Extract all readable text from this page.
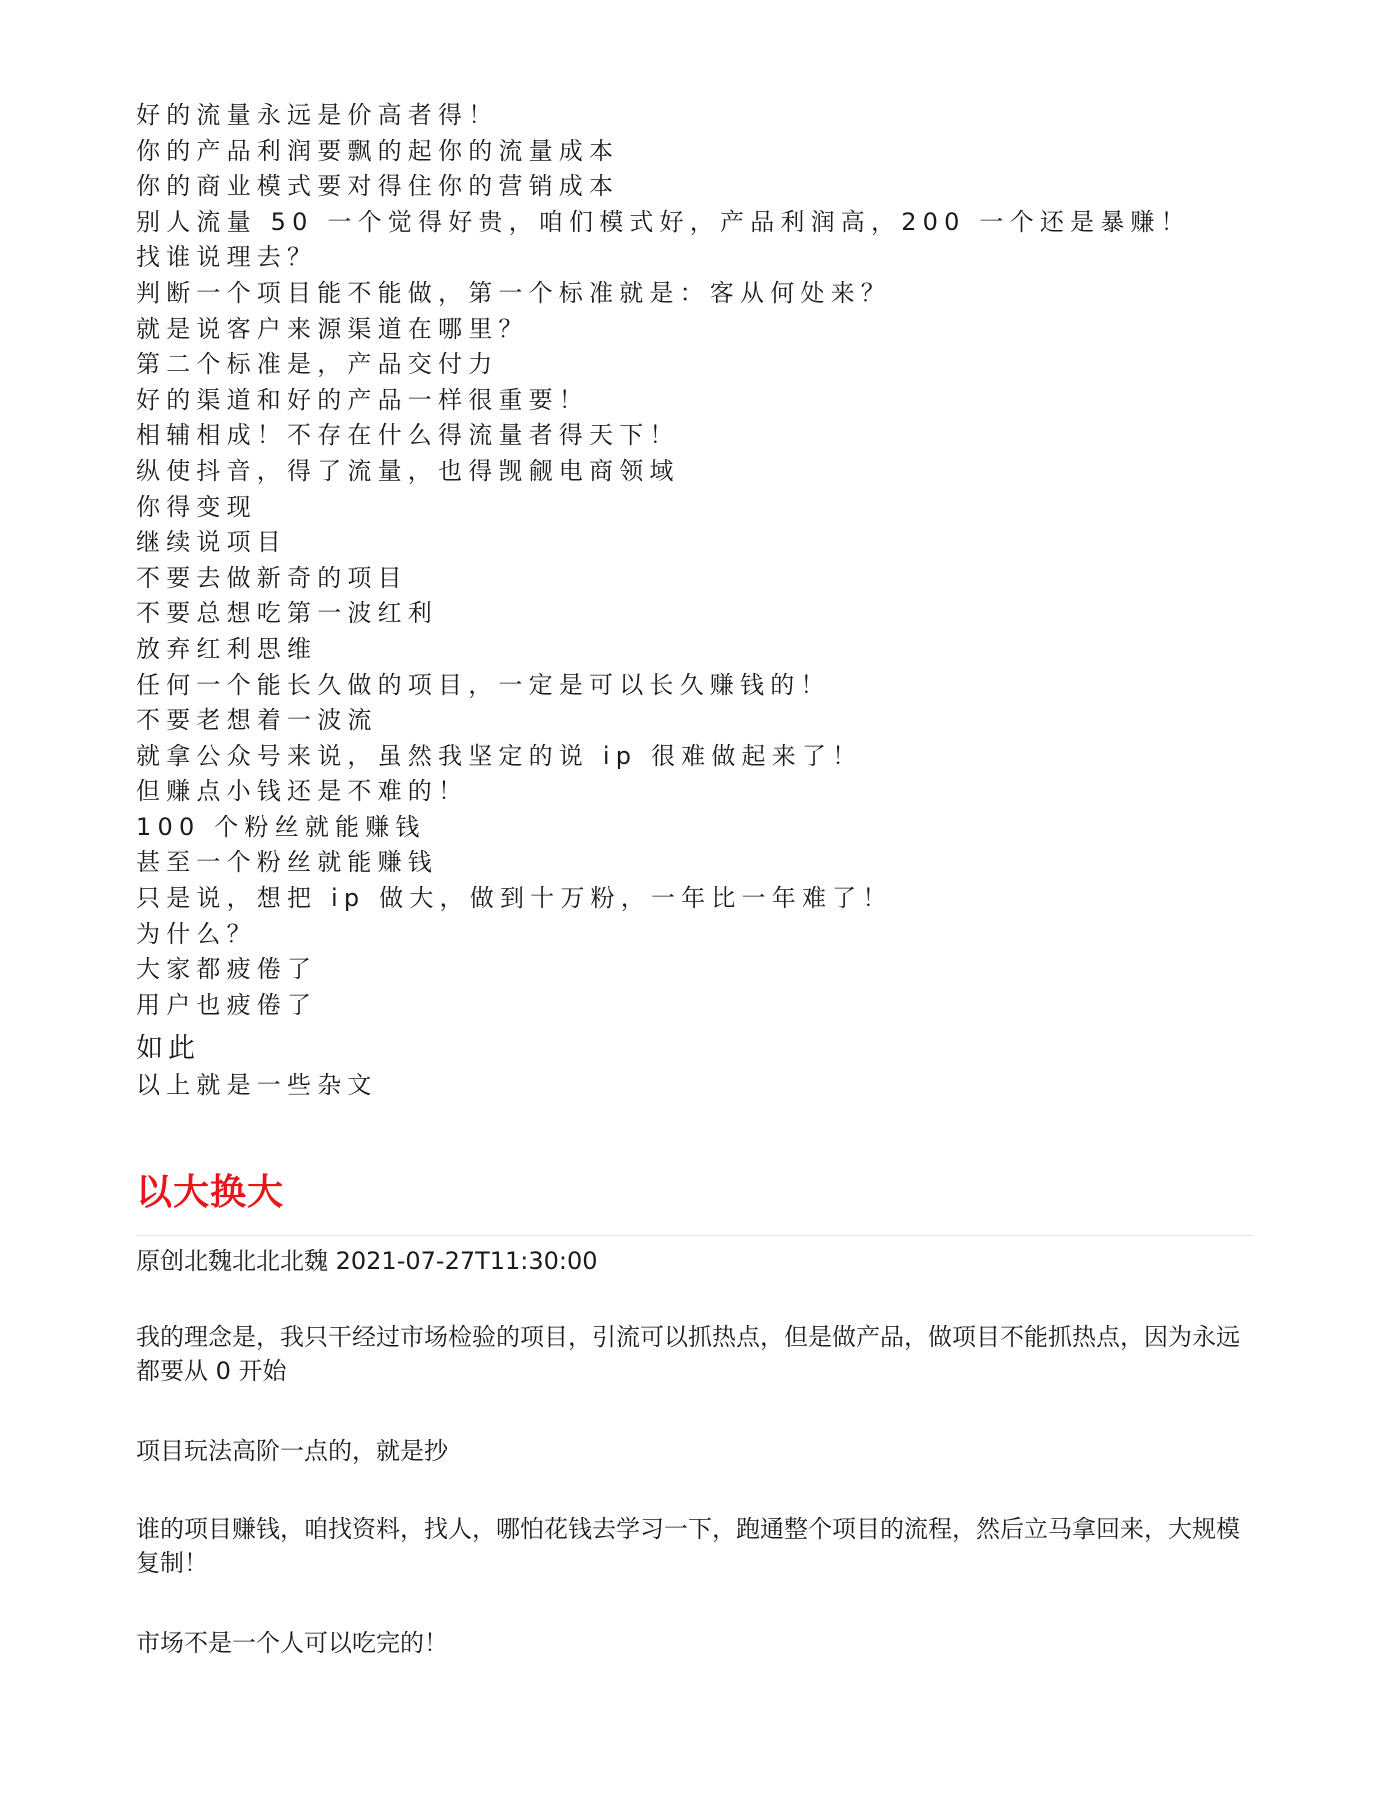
好的流量永远是价高者得！
你的产品利润要飘的起你的流量成本
你的商业模式要对得住你的营销成本
别人流量 50 一个觉得好贵，咱们模式好，产品利润高，200 一个还是暴赚！
找谁说理去？
判断一个项目能不能做，第一个标准就是：客从何处来？
就是说客户来源渠道在哪里？
第二个标准是，产品交付力
好的渠道和好的产品一样很重要！
相辅相成！不存在什么得流量者得天下！
纵使抖音，得了流量，也得觊觎电商领域
你得变现
继续说项目
不要去做新奇的项目
不要总想吃第一波红利
放弃红利思维
任何一个能长久做的项目，一定是可以长久赚钱的！
不要老想着一波流
就拿公众号来说，虽然我坚定的说 ip 很难做起来了！
但赚点小钱还是不难的！
100 个粉丝就能赚钱
甚至一个粉丝就能赚钱
只是说，想把 ip 做大，做到十万粉，一年比一年难了！
为什么？
大家都疲倦了
用户也疲倦了
如此
以上就是一些杂文
以大换大
原创北魏北北北魏 2021-07-27T11:30:00

我的理念是，我只干经过市场检验的项目，引流可以抓热点，但是做产品，做项目不能抓热点，因为永远都要从 0 开始

项目玩法高阶一点的，就是抄

谁的项目赚钱，咱找资料，找人，哪怕花钱去学习一下，跑通整个项目的流程，然后立马拿回来，大规模复制！

市场不是一个人可以吃完的！
